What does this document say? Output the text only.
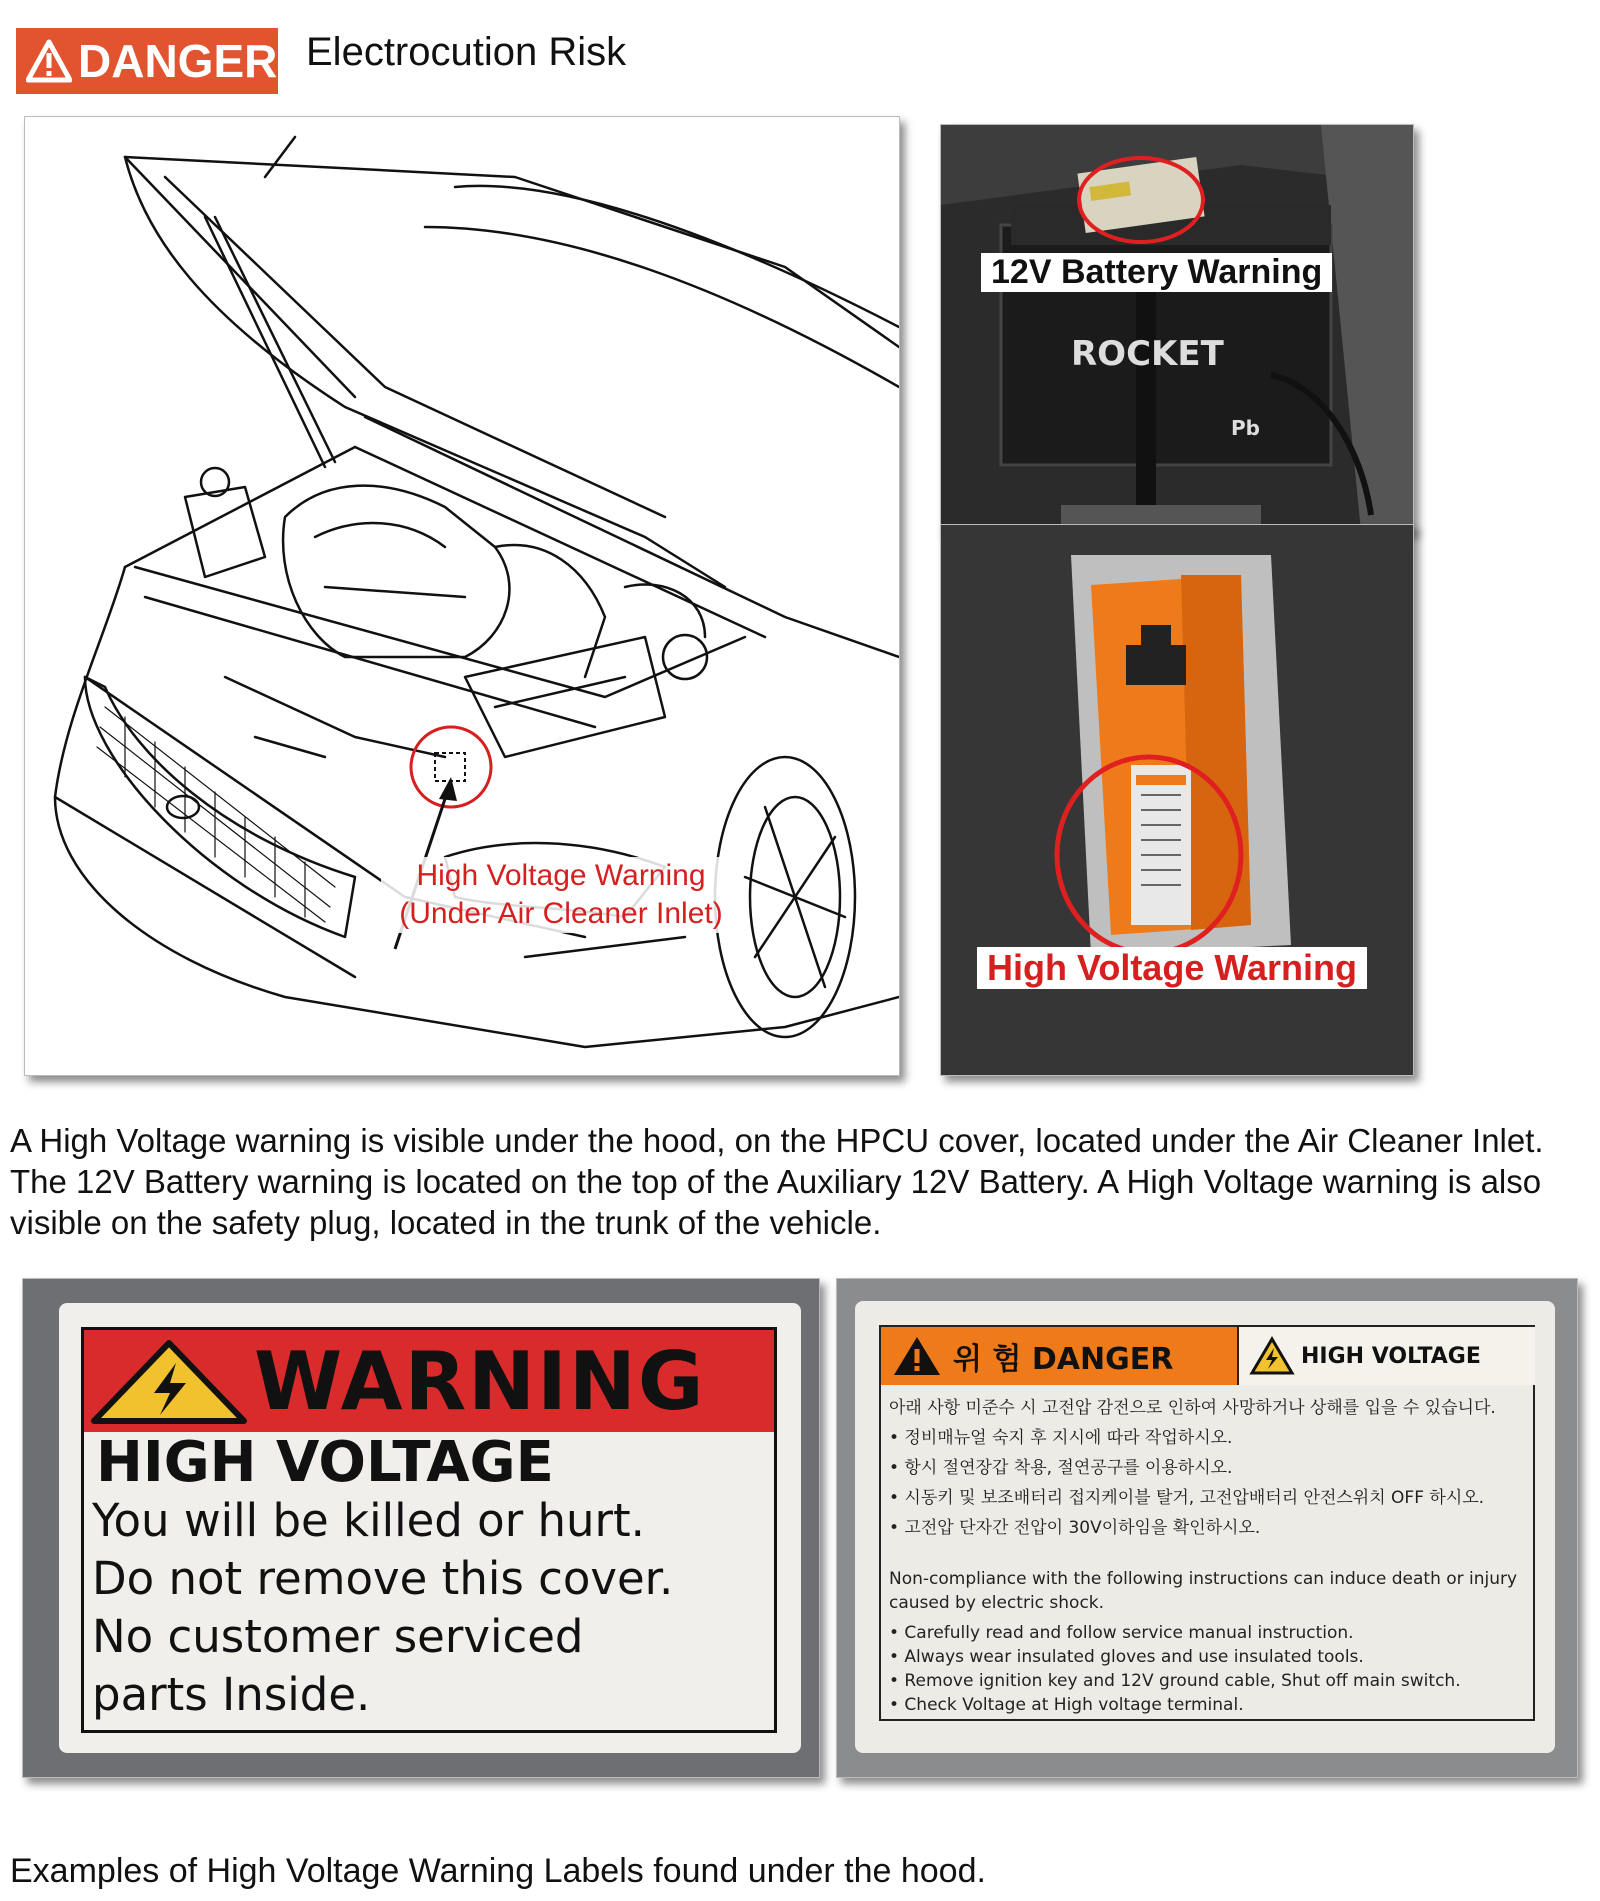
DANGER Electrocution Risk
High Voltage Warning
(Under Air Cleaner Inlet)
ROCKET
Pb
12V Battery Warning
High Voltage Warning
A High Voltage warning is visible under the hood, on the HPCU cover, located under the Air Cleaner Inlet. The 12V Battery warning is located on the top of the Auxiliary 12V Battery. A High Voltage warning is also visible on the safety plug, located in the trunk of the vehicle.
WARNING
HIGH VOLTAGE
You will be killed or hurt.
Do not remove this cover.
No customer serviced
parts Inside.
위 험 DANGER	HIGH VOLTAGE
아래 사항 미준수 시 고전압 감전으로 인하여 사망하거나 상해를 입을 수 있습니다.
• 정비매뉴얼 숙지 후 지시에 따라 작업하시오.
• 항시 절연장갑 착용, 절연공구를 이용하시오.
• 시동키 및 보조배터리 접지케이블 탈거, 고전압배터리 안전스위치 OFF 하시오.
• 고전압 단자간 전압이 30V이하임을 확인하시오.
Non-compliance with the following instructions can induce death or injury caused by electric shock.
• Carefully read and follow service manual instruction.
• Always wear insulated gloves and use insulated tools.
• Remove ignition key and 12V ground cable, Shut off main switch.
• Check Voltage at High voltage terminal.
Examples of High Voltage Warning Labels found under the hood.
